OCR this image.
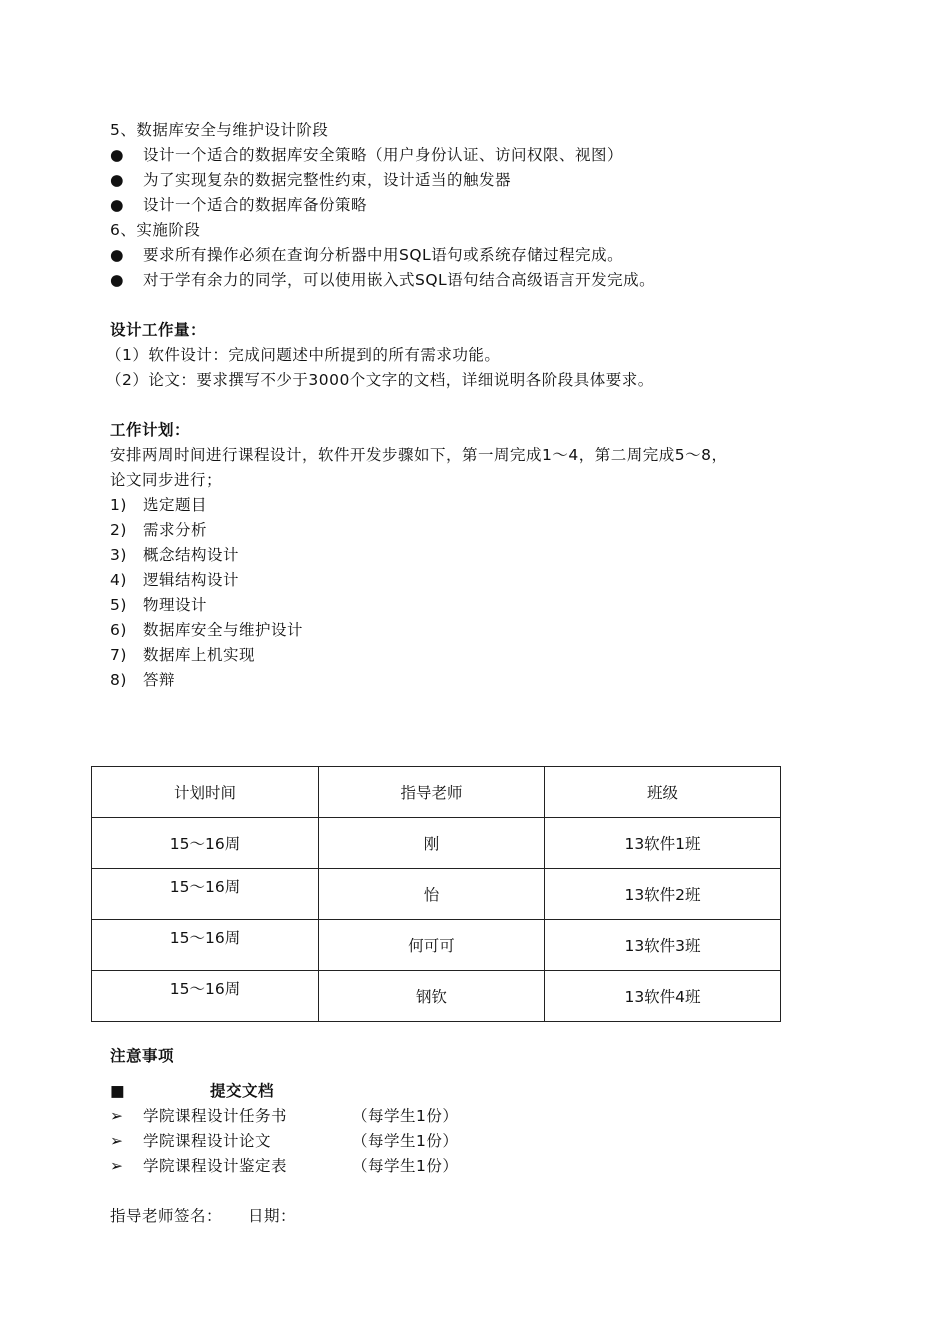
5、数据库安全与维护设计阶段
● 设计一个适合的数据库安全策略（用户身份认证、访问权限、视图）
● 为了实现复杂的数据完整性约束，设计适当的触发器
● 设计一个适合的数据库备份策略
6、实施阶段
● 要求所有操作必须在查询分析器中用SQL语句或系统存储过程完成。
● 对于学有余力的同学，可以使用嵌入式SQL语句结合高级语言开发完成。
设计工作量：
（1）软件设计：完成问题述中所提到的所有需求功能。
（2）论文：要求撰写不少于3000个文字的文档，详细说明各阶段具体要求。
工作计划：
安排两周时间进行课程设计，软件开发步骤如下，第一周完成1～4，第二周完成5～8，
论文同步进行；
1) 选定题目
2) 需求分析
3) 概念结构设计
4) 逻辑结构设计
5) 物理设计
6) 数据库安全与维护设计
7) 数据库上机实现
8) 答辩
计划时间	指导老师	班级
15～16周	刚	13软件1班
15～16周	怡	13软件2班
15～16周	何可可	13软件3班
15～16周	钢钦	13软件4班
注意事项
■	提交文档
➢ 学院课程设计任务书	（每学生1份）
➢ 学院课程设计论文	（每学生1份）
➢ 学院课程设计鉴定表	（每学生1份）
指导老师签名： 日期：
